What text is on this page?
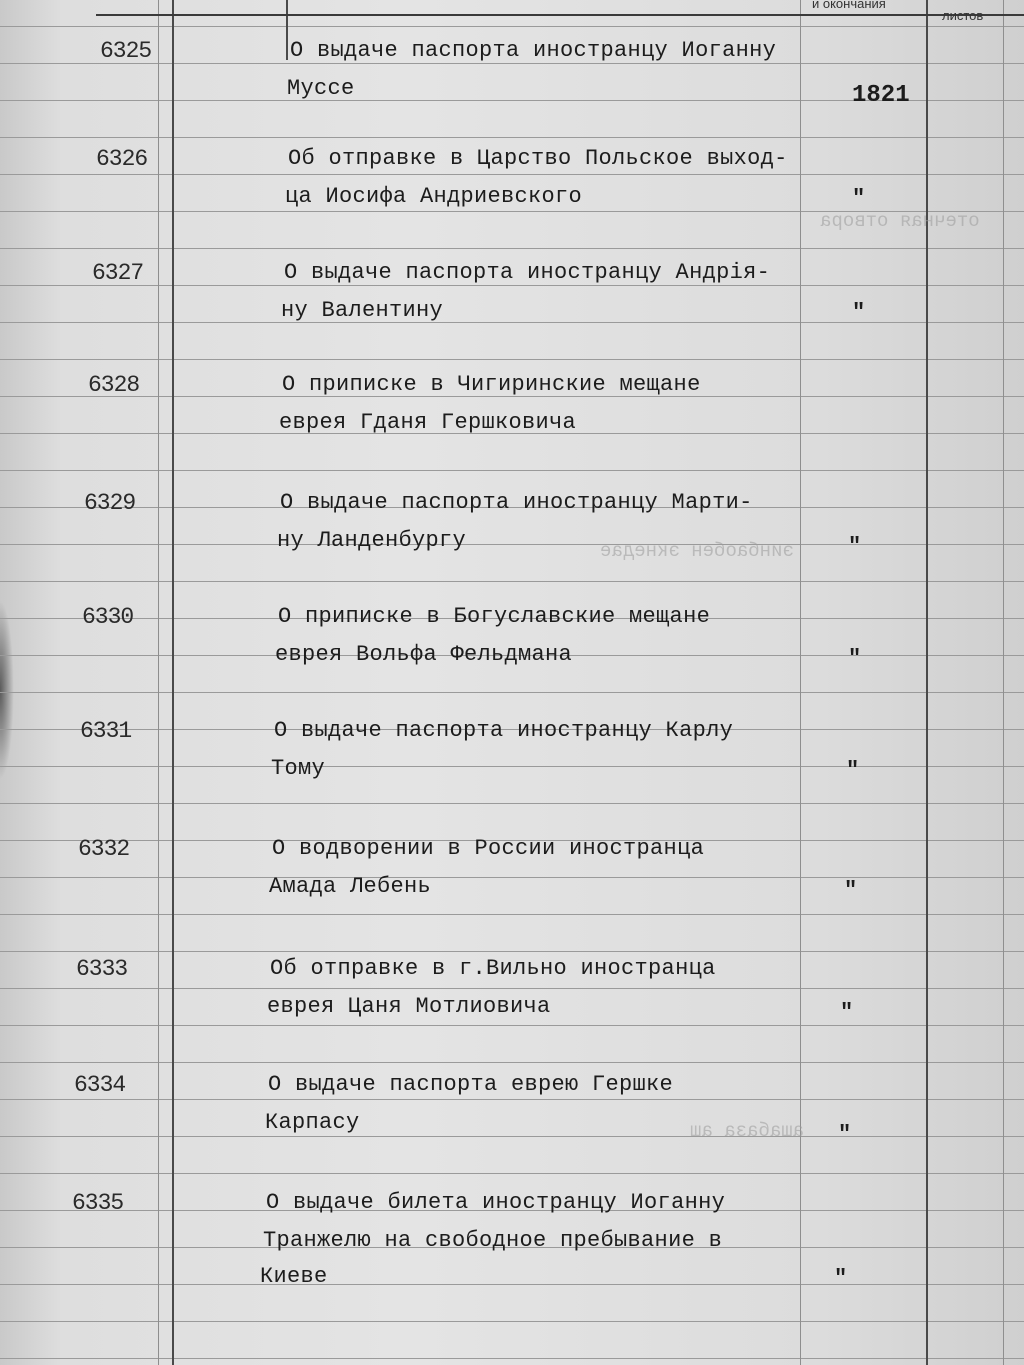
и окончания
листов
отечная отвора
эинбаобен экнедае
ашабаза аш
6325	О выдаче паспорта иностранцу Иоганну
Муссе	1821
6326	Об отправке в Царство Польское выход-
ца Иосифа Андриевского	"
6327	О выдаче паспорта иностранцу Андрія-
ну Валентину	"
6328	О приписке в Чигиринские мещане
еврея Гданя Гершковича
6329	О выдаче паспорта иностранцу Марти-
ну Ланденбургу	"
6330	О приписке в Богуславские мещане
еврея Вольфа Фельдмана	"
6331	О выдаче паспорта иностранцу Карлу
Тому	"
6332	О водворении в России иностранца
Амада Лебень	"
6333	Об отправке в г.Вильно иностранца
еврея Цаня Мотлиовича	"
6334	О выдаче паспорта еврею Гершке
Карпасу	"
6335	О выдаче билета иностранцу Иоганну
Транжелю на свободное пребывание в
Киеве	"
